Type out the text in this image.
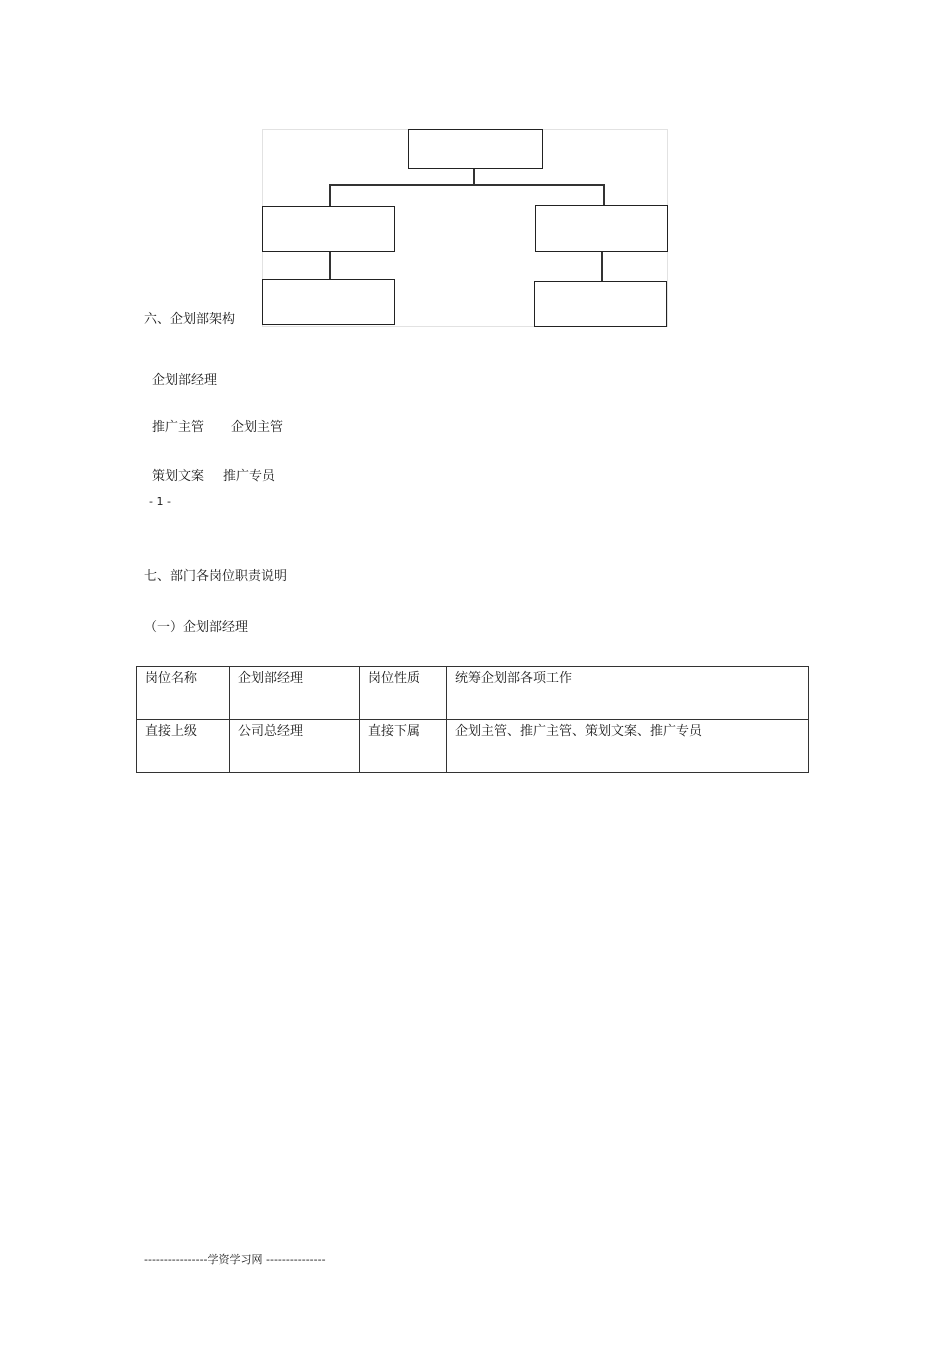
六、企划部架构
企划部经理
推广主管 企划主管
策划文案 推广专员
- 1 -
七、部门各岗位职责说明
（一）企划部经理
岗位名称	企划部经理	岗位性质	统筹企划部各项工作
直接上级	公司总经理	直接下属	企划主管、推广主管、策划文案、推广专员
----------------学资学习网 ---------------
